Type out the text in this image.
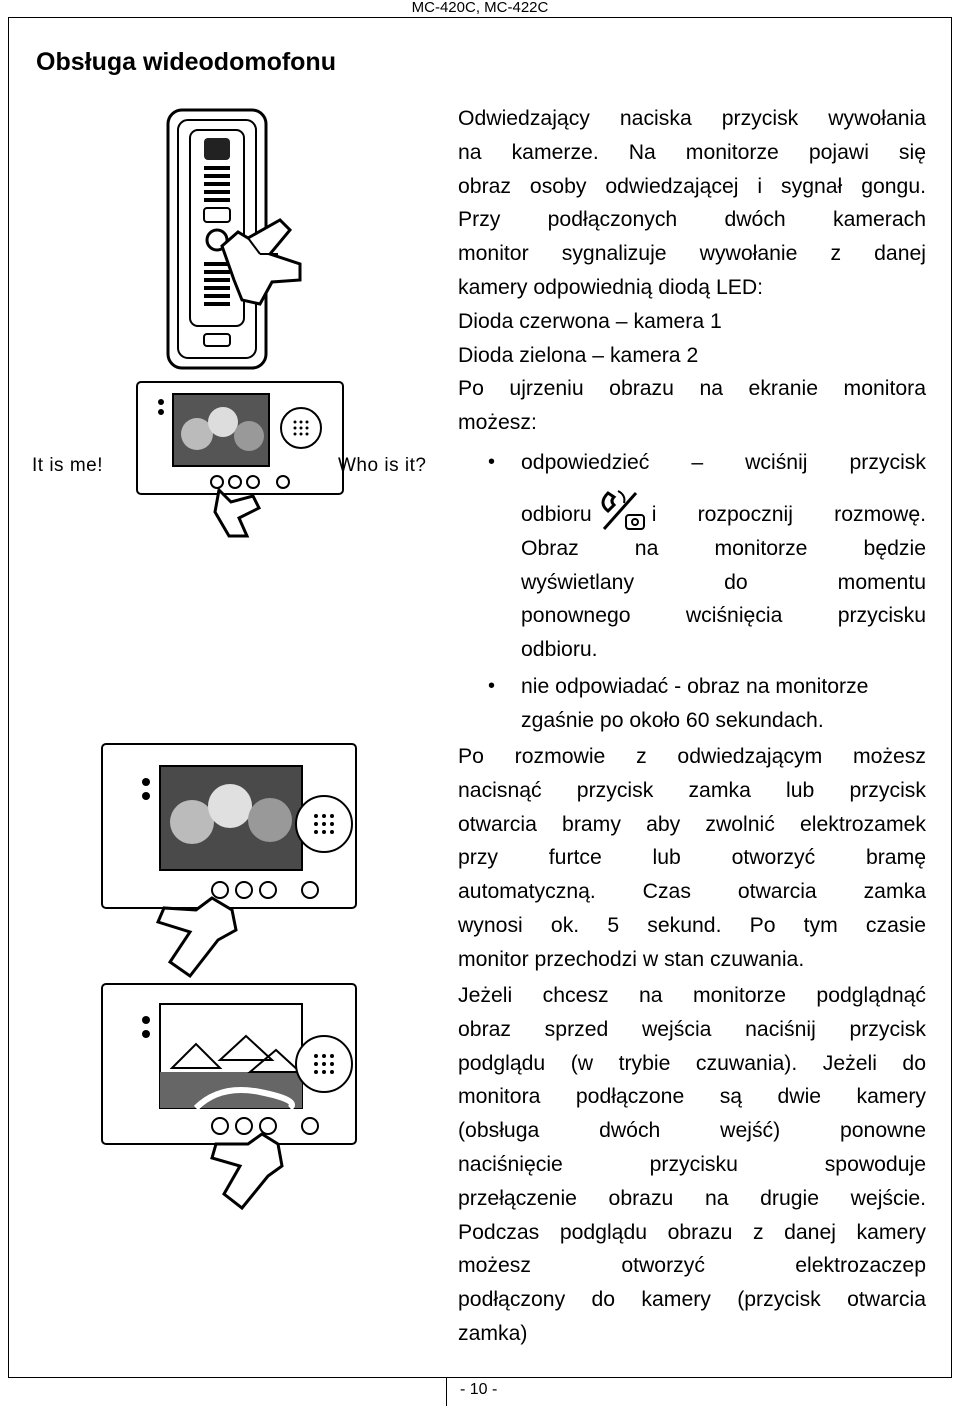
MC-420C, MC-422C
Obsługa wideodomofonu
- 10 -
It is me!	Who is it?

Odwiedzający naciska przycisk wywołania

na kamerze. Na monitorze pojawi się

obraz osoby odwiedzającej i sygnał gongu.

Przy podłączonych dwóch kamerach

monitor sygnalizuje wywołanie z danej

kamery odpowiednią diodą LED:

Dioda czerwona – kamera 1

Dioda zielona – kamera 2

Po ujrzeniu obrazu na ekranie monitora

możesz:

• odpowiedzieć – wciśnij przycisk

odbioru	i rozpocznij rozmowę.

Obraz na monitorze będzie

wyświetlany do momentu

ponownego wciśnięcia przycisku

odbioru.

• nie odpowiadać - obraz na monitorze

zgaśnie po około 60 sekundach.

Po rozmowie z odwiedzającym możesz

nacisnąć przycisk zamka lub przycisk

otwarcia bramy aby zwolnić elektrozamek

przy furtce lub otworzyć bramę

automatyczną. Czas otwarcia zamka

wynosi ok. 5 sekund. Po tym czasie

monitor przechodzi w stan czuwania.

Jeżeli chcesz na monitorze podglądnąć

obraz sprzed wejścia naciśnij przycisk

podglądu (w trybie czuwania). Jeżeli do

monitora podłączone są dwie kamery

(obsługa dwóch wejść) ponowne

naciśnięcie przycisku spowoduje

przełączenie obrazu na drugie wejście.

Podczas podglądu obrazu z danej kamery

możesz otworzyć elektrozaczep

podłączony do kamery (przycisk otwarcia

zamka)
